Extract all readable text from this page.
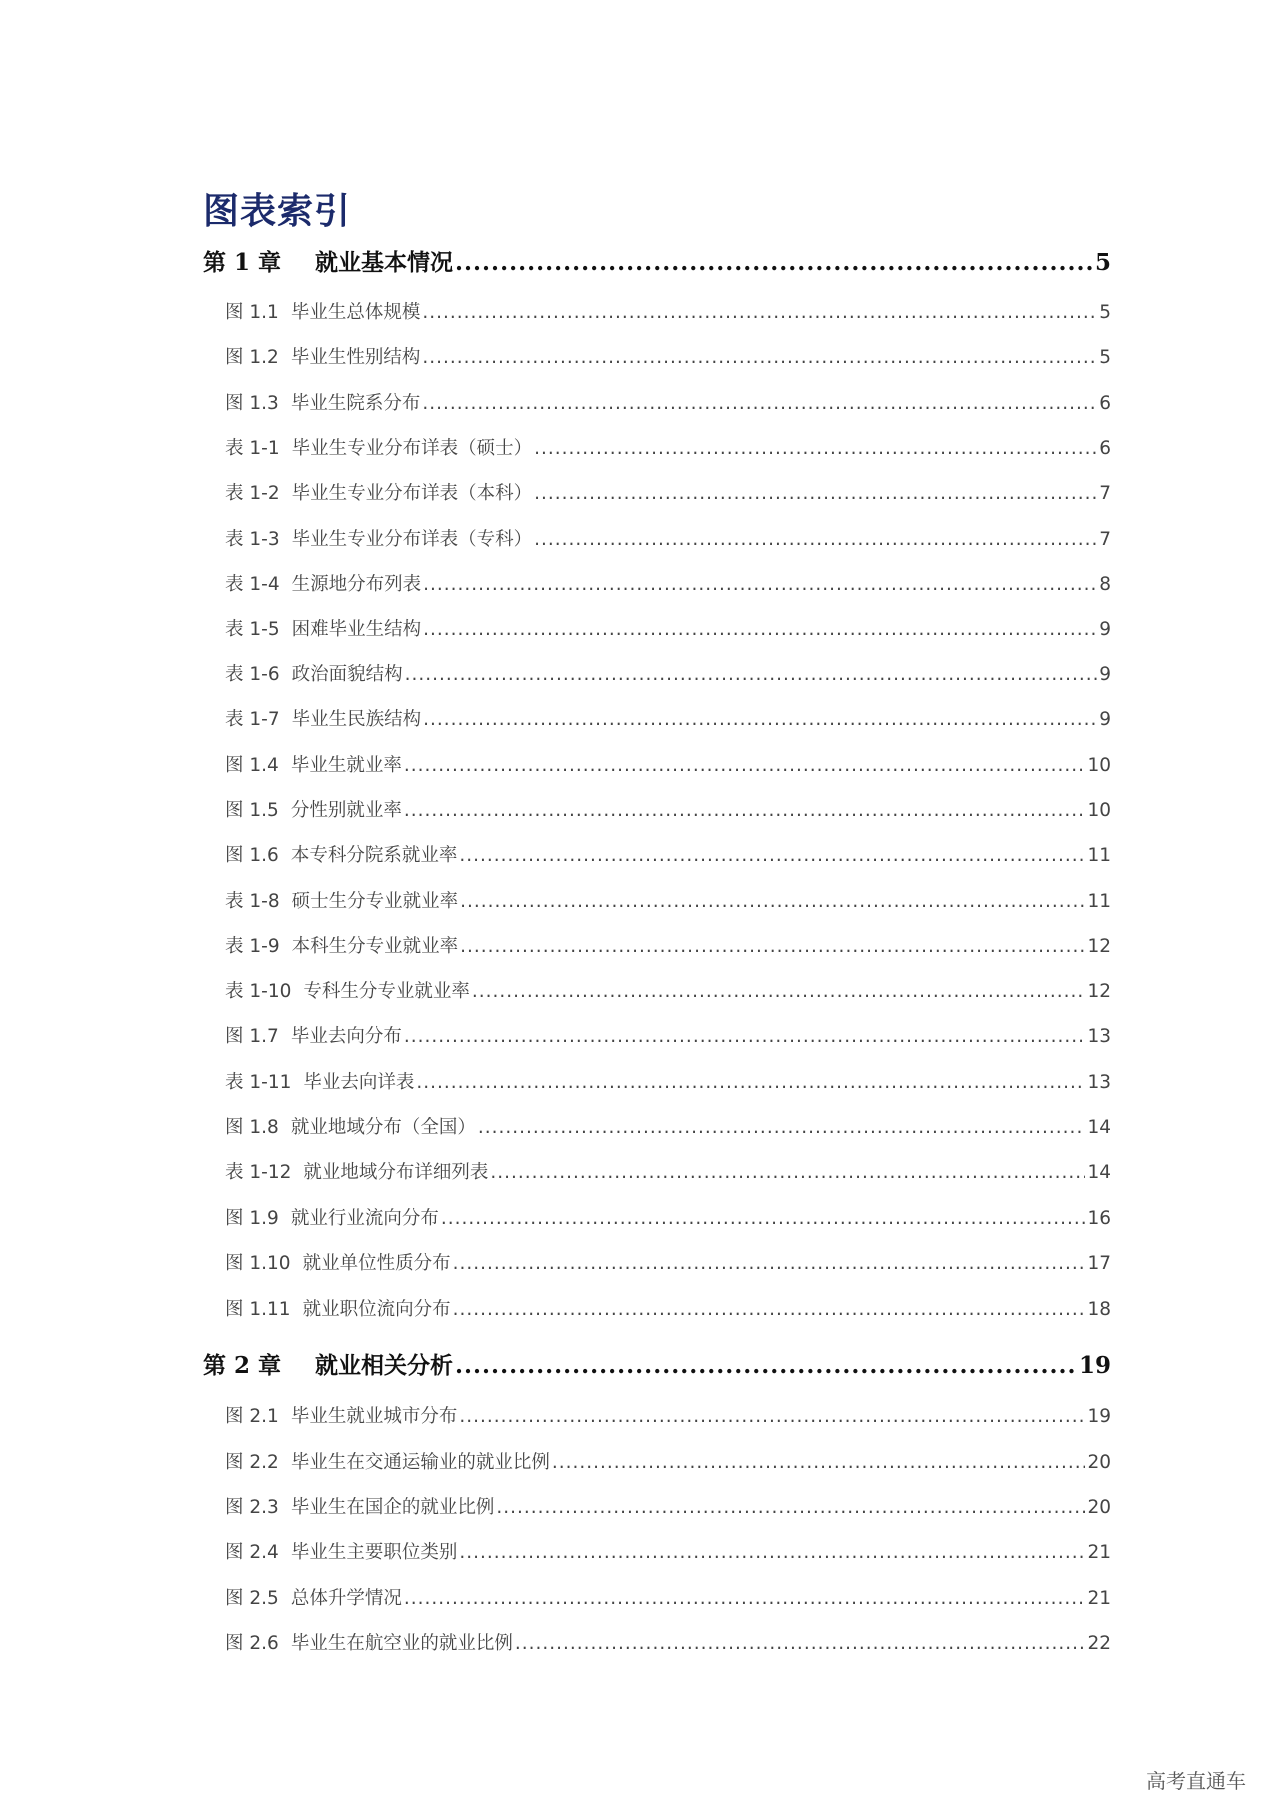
图表索引
第 1 章 就业基本情况 .....	5
图 1.1 毕业生总体规模 .....	5
图 1.2 毕业生性别结构 .....	5
图 1.3 毕业生院系分布 .....	6
表 1-1 毕业生专业分布详表（硕士） .....	6
表 1-2 毕业生专业分布详表（本科） .....	7
表 1-3 毕业生专业分布详表（专科） .....	7
表 1-4 生源地分布列表 .....	8
表 1-5 困难毕业生结构 .....	9
表 1-6 政治面貌结构 .....	9
表 1-7 毕业生民族结构 .....	9
图 1.4 毕业生就业率 .....	10
图 1.5 分性别就业率 .....	10
图 1.6 本专科分院系就业率 .....	11
表 1-8 硕士生分专业就业率 .....	11
表 1-9 本科生分专业就业率 .....	12
表 1-10 专科生分专业就业率 .....	12
图 1.7 毕业去向分布 .....	13
表 1-11 毕业去向详表 .....	13
图 1.8 就业地域分布（全国） .....	14
表 1-12 就业地域分布详细列表 .....	14
图 1.9 就业行业流向分布 .....	16
图 1.10 就业单位性质分布 .....	17
图 1.11 就业职位流向分布 .....	18
第 2 章 就业相关分析 .....	19
图 2.1 毕业生就业城市分布 .....	19
图 2.2 毕业生在交通运输业的就业比例 .....	20
图 2.3 毕业生在国企的就业比例 .....	20
图 2.4 毕业生主要职位类别 .....	21
图 2.5 总体升学情况 .....	21
图 2.6 毕业生在航空业的就业比例 .....	22
高考直通车
